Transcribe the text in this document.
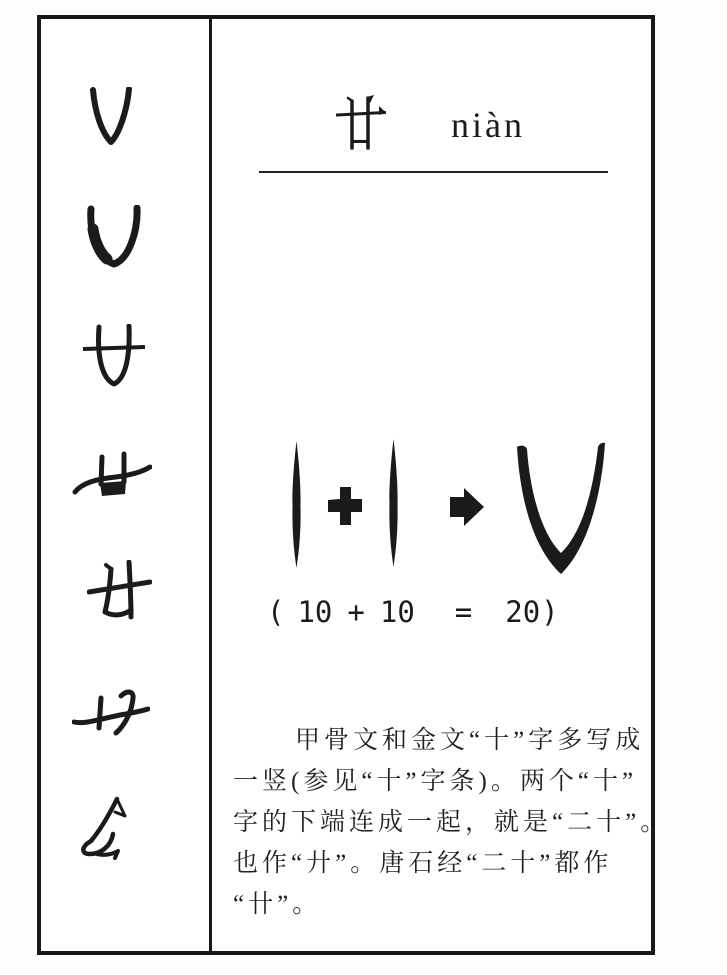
niàn
( 10 + 10 = 20 )
甲骨文和金文“十”字多写成
一竖(参见“十”字条)。两个“十”
字的下端连成一起，就是“二十”。
也作“廾”。唐石经“二十”都作
“卄”。
